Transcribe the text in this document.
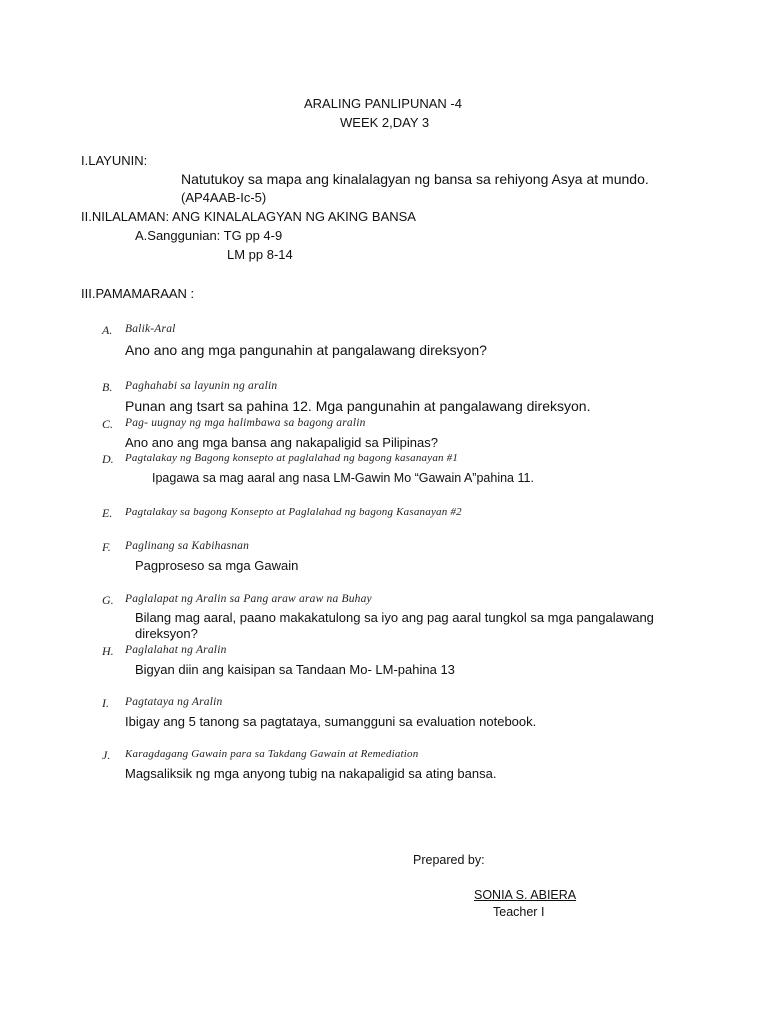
ARALING PANLIPUNAN -4
WEEK 2,DAY 3
I.LAYUNIN:
Natutukoy sa mapa ang kinalalagyan ng bansa sa rehiyong Asya at mundo.
(AP4AAB-Ic-5)
II.NILALAMAN: ANG KINALALAGYAN NG AKING BANSA
A.Sanggunian: TG pp 4-9
LM pp 8-14
III.PAMAMARAAN :
A. Balik-Aral
Ano ano ang mga pangunahin at pangalawang direksyon?
B. Paghahabi sa layunin ng aralin
Punan ang tsart sa pahina 12. Mga pangunahin at pangalawang direksyon.
C. Pag- uugnay ng mga halimbawa sa bagong aralin
Ano ano ang mga bansa ang nakapaligid sa Pilipinas?
D. Pagtalakay ng Bagong konsepto at paglalahad ng bagong kasanayan #1
Ipagawa sa mag aaral ang nasa LM-Gawin Mo “Gawain A”pahina 11.
E. Pagtalakay sa bagong Konsepto at Paglalahad ng bagong Kasanayan #2
F. Paglinang sa Kabihasnan
Pagproseso sa mga Gawain
G. Paglalapat ng Aralin sa Pang araw araw na Buhay
Bilang mag aaral, paano makakatulong sa iyo ang pag aaral tungkol sa mga pangalawang
direksyon?
H. Paglalahat ng Aralin
Bigyan diin ang kaisipan sa Tandaan Mo- LM-pahina 13
I. Pagtataya ng Aralin
Ibigay ang 5 tanong sa pagtataya, sumangguni sa evaluation notebook.
J. Karagdagang Gawain para sa Takdang Gawain at Remediation
Magsaliksik ng mga anyong tubig na nakapaligid sa ating bansa.
Prepared by:
SONIA S. ABIERA
Teacher I
